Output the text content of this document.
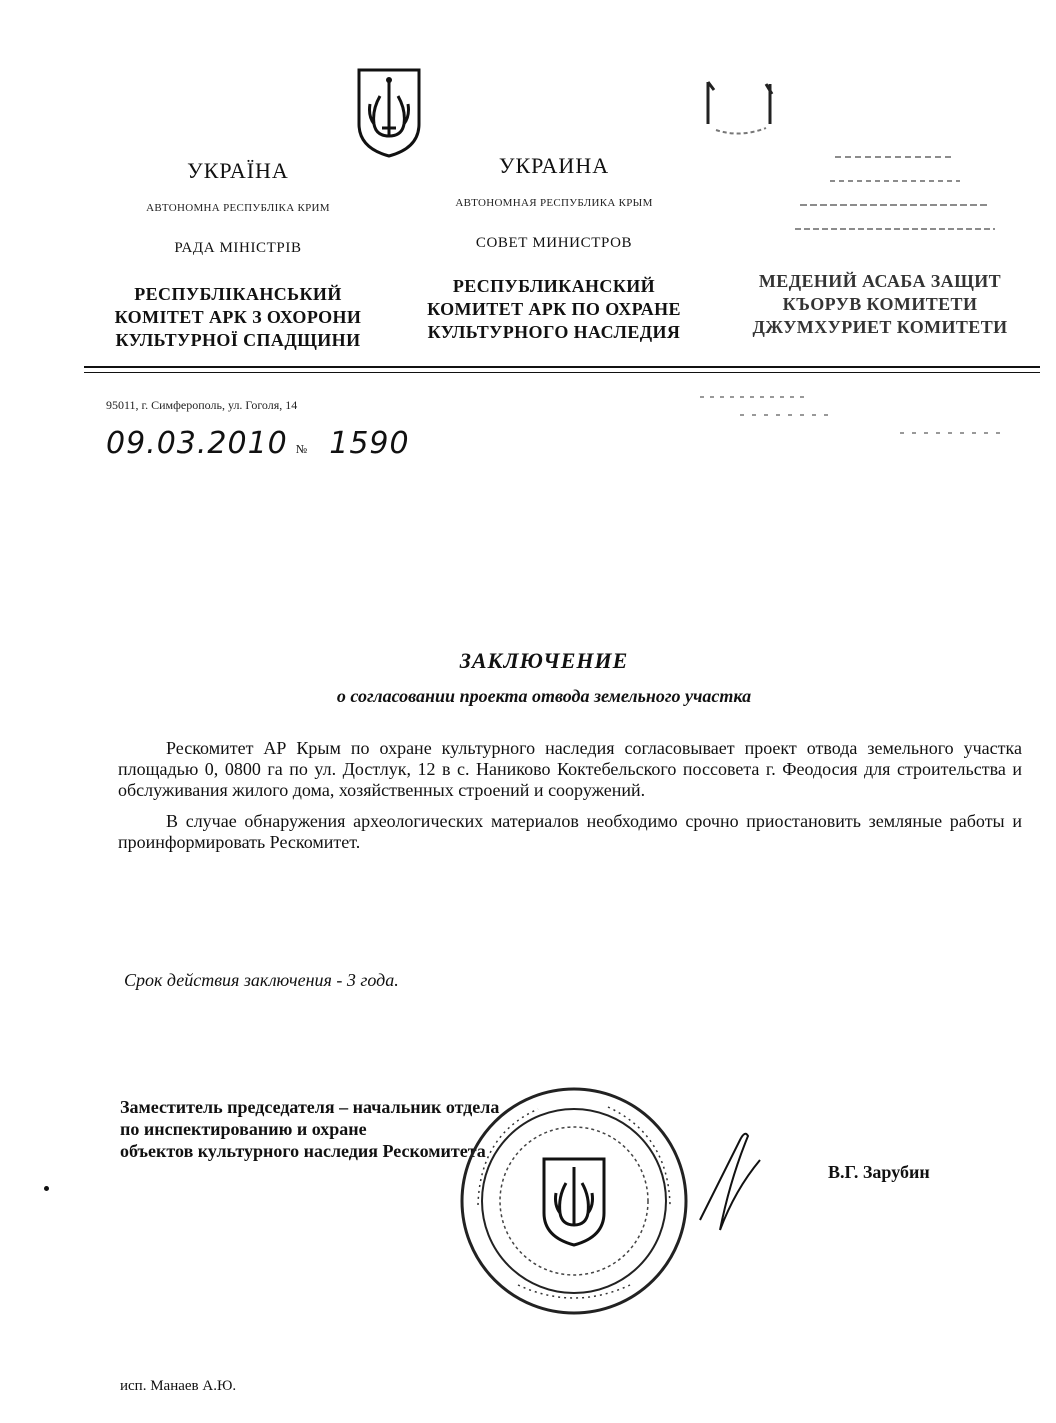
УКРАЇНА
АВТОНОМНА РЕСПУБЛІКА КРИМ
РАДА МІНІСТРІВ
РЕСПУБЛІКАНСЬКИЙ
КОМІТЕТ АРК З ОХОРОНИ
КУЛЬТУРНОЇ СПАДЩИНИ
УКРАИНА
АВТОНОМНАЯ РЕСПУБЛИКА КРЫМ
СОВЕТ МИНИСТРОВ
РЕСПУБЛИКАНСКИЙ
КОМИТЕТ АРК ПО ОХРАНЕ
КУЛЬТУРНОГО НАСЛЕДИЯ
МЕДЕНИЙ АСАБА ЗАЩИТ
КЪОРУВ КОМИТЕТИ
ДЖУМХУРИЕТ КОМИТЕТИ
95011, г. Симферополь, ул. Гоголя, 14
09.03.2010 № 1590
ЗАКЛЮЧЕНИЕ
о согласовании проекта отвода земельного участка

Рескомитет АР Крым по охране культурного наследия согласовывает проект отвода земельного участка площадью 0, 0800 га по ул. Достлук, 12 в с. Наниково Коктебельского поссовета г. Феодосия для строительства и обслуживания жилого дома, хозяйственных строений и сооружений.

В случае обнаружения археологических материалов необходимо срочно приостановить земляные работы и проинформировать Рескомитет.

Срок действия заключения - 3 года.
Заместитель председателя – начальник отдела
по инспектированию и охране
объектов культурного наследия Рескомитета
В.Г. Зарубин
исп. Манаев А.Ю.
